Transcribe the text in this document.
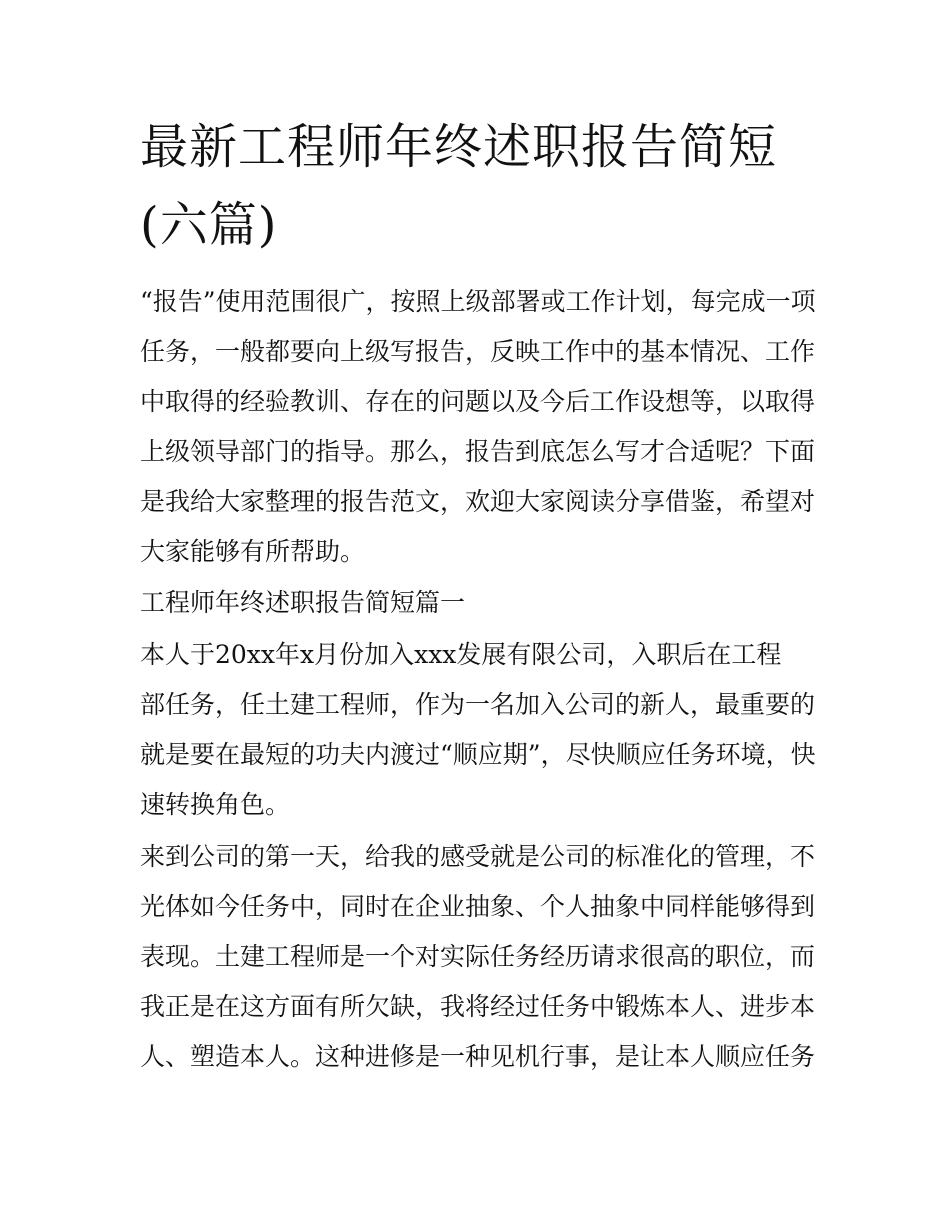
最新工程师年终述职报告简短
(六篇)

“报告”使用范围很广，按照上级部署或工作计划，每完成一项

任务，一般都要向上级写报告，反映工作中的基本情况、工作

中取得的经验教训、存在的问题以及今后工作设想等，以取得

上级领导部门的指导。那么，报告到底怎么写才合适呢？下面

是我给大家整理的报告范文，欢迎大家阅读分享借鉴，希望对

大家能够有所帮助。

工程师年终述职报告简短篇一

本人于20xx年x月份加入xxx发展有限公司，入职后在工程

部任务，任土建工程师，作为一名加入公司的新人，最重要的

就是要在最短的功夫内渡过“顺应期”，尽快顺应任务环境，快

速转换角色。

来到公司的第一天，给我的感受就是公司的标准化的管理，不

光体如今任务中，同时在企业抽象、个人抽象中同样能够得到

表现。土建工程师是一个对实际任务经历请求很高的职位，而

我正是在这方面有所欠缺，我将经过任务中锻炼本人、进步本

人、塑造本人。这种进修是一种见机行事，是让本人顺应任务
